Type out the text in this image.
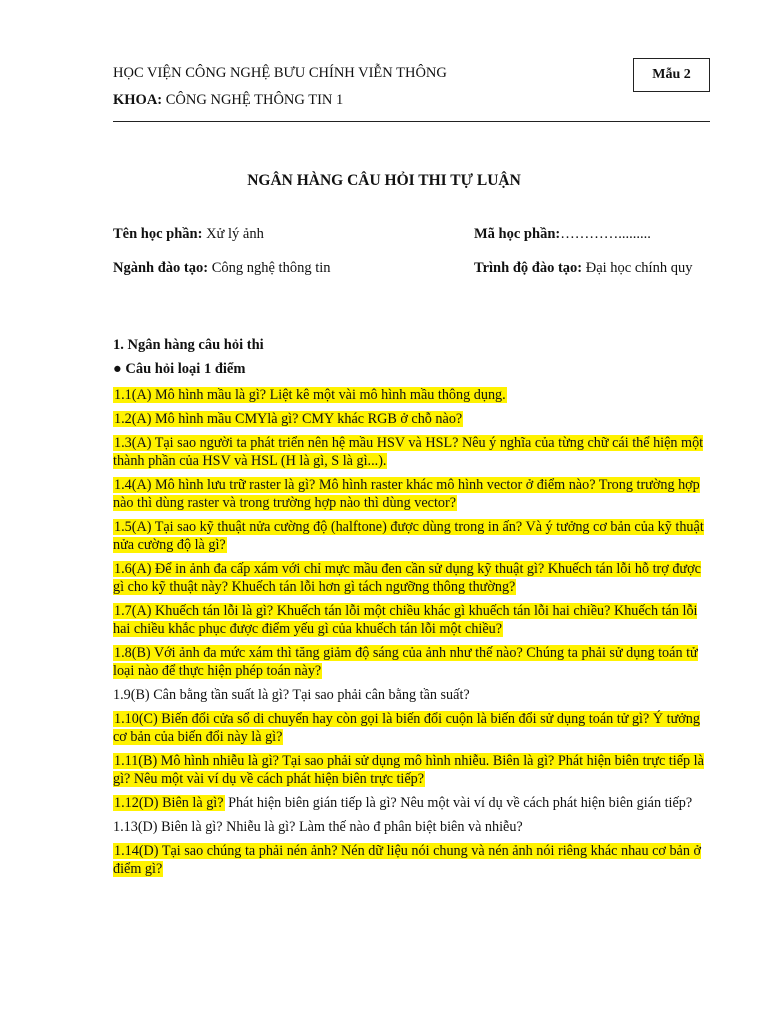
HỌC VIỆN CÔNG NGHỆ BƯU CHÍNH VIỄN THÔNG
KHOA: CÔNG NGHỆ THÔNG TIN 1
Mẫu 2
NGÂN HÀNG CÂU HỎI THI TỰ LUẬN
Tên học phần: Xử lý ảnh	Mã học phần:………….........
Ngành đào tạo: Công nghệ thông tin	Trình độ đào tạo: Đại học chính quy
1. Ngân hàng câu hỏi thi
● Câu hỏi loại 1 điểm

1.1(A) Mô hình mầu là gì? Liệt kê một vài mô hình mầu thông dụng.

1.2(A) Mô hình mầu CMYlà gì? CMY khác RGB ở chỗ nào?

1.3(A) Tại sao người ta phát triển nên hệ mầu HSV và HSL? Nêu ý nghĩa của từng chữ cái thể hiện một thành phần của HSV và HSL (H là gì, S là gì...).

1.4(A) Mô hình lưu trữ raster là gì? Mô hình raster khác mô hình vector ở điểm nào? Trong trường hợp nào thì dùng raster và trong trường hợp nào thì dùng vector?

1.5(A) Tại sao kỹ thuật nửa cường độ (halftone) được dùng trong in ấn? Và ý tưởng cơ bản của kỹ thuật nửa cường độ là gì?

1.6(A) Để in ảnh đa cấp xám với chỉ mực mầu đen cần sử dụng kỹ thuật gì? Khuếch tán lỗi hỗ trợ được gì cho kỹ thuật này? Khuếch tán lỗi hơn gì tách ngưỡng thông thường?

1.7(A) Khuếch tán lỗi là gì? Khuếch tán lỗi một chiều khác gì khuếch tán lỗi hai chiều? Khuếch tán lỗi hai chiều khắc phục được điểm yếu gì của khuếch tán lỗi một chiều?

1.8(B) Với ảnh đa mức xám thì tăng giảm độ sáng của ảnh như thế nào? Chúng ta phải sử dụng toán tử loại nào để thực hiện phép toán này?

1.9(B) Cân bằng tần suất là gì? Tại sao phải cân bằng tần suất?

1.10(C) Biến đổi cửa sổ di chuyển hay còn gọi là biến đổi cuộn là biến đổi sử dụng toán tử gì? Ý tưởng cơ bản của biến đổi này là gì?

1.11(B) Mô hình nhiễu là gì? Tại sao phải sử dụng mô hình nhiễu. Biên là gì? Phát hiện biên trực tiếp là gì? Nêu một vài ví dụ về cách phát hiện biên trực tiếp?

1.12(D) Biên là gì? Phát hiện biên gián tiếp là gì? Nêu một vài ví dụ về cách phát hiện biên gián tiếp?

1.13(D) Biên là gì? Nhiễu là gì? Làm thế nào đ phân biệt biên và nhiễu?

1.14(D) Tại sao chúng ta phải nén ảnh? Nén dữ liệu nói chung và nén ảnh nói riêng khác nhau cơ bản ở điểm gì?
